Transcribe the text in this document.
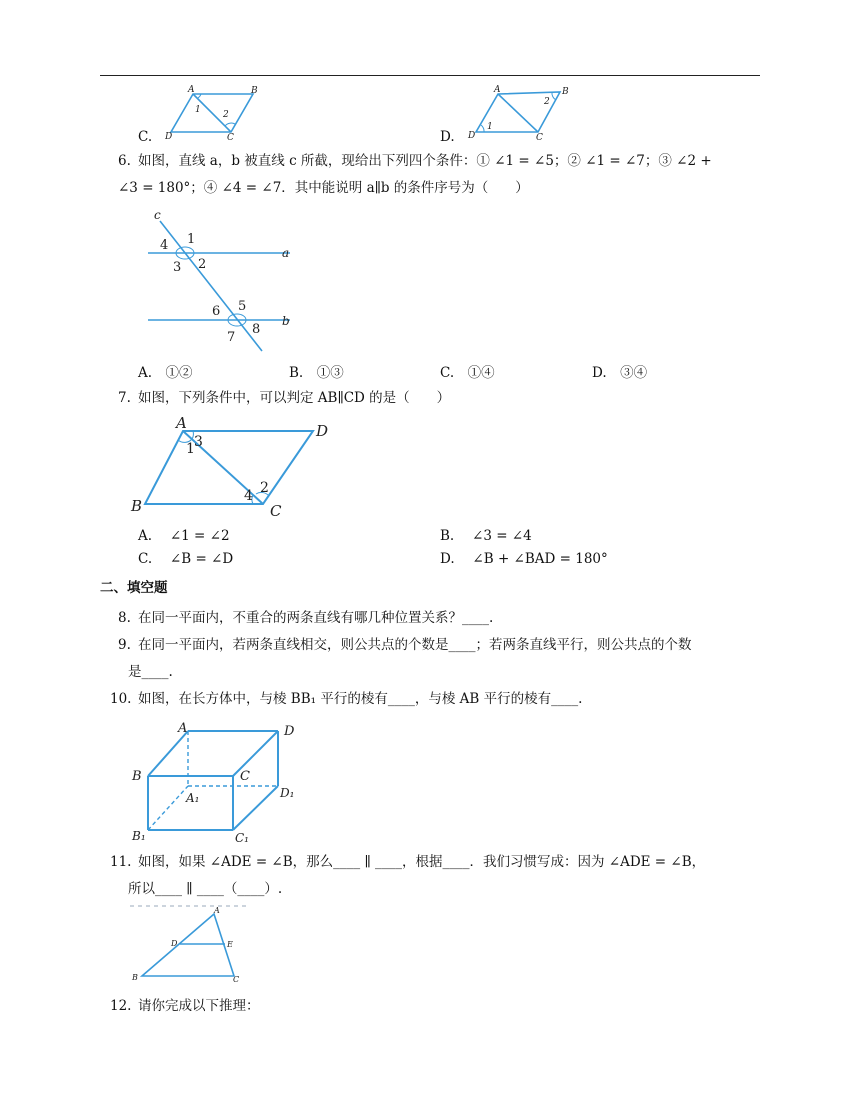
C.
A	B
D	C
1 2
D.
A	B
D	C
1
2
6. 如图，直线 a，b 被直线 c 所截，现给出下列四个条件：① ∠1 = ∠5；② ∠1 = ∠7；③ ∠2 +
∠3 = 180°；④ ∠4 = ∠7．其中能说明 a∥b 的条件序号为（　　）
c
4 1
3 2
a
6 5
7
8
b
A.　①②	B.　①③	C.　①④	D.　③④
7. 如图，下列条件中，可以判定 AB∥CD 的是（　　）
A
3
1
D
B
4 2
C
A.　 ∠1 = ∠2	B.　 ∠3 = ∠4
C.　 ∠B = ∠D	D.　 ∠B + ∠BAD = 180°
二、填空题
8. 在同一平面内，不重合的两条直线有哪几种位置关系？____.
9. 在同一平面内，若两条直线相交，则公共点的个数是____；若两条直线平行，则公共点的个数
是____.
10. 如图，在长方体中，与棱 BB₁ 平行的棱有____，与棱 AB 平行的棱有____.
A	D
B	C
A₁	D₁
B₁	C₁
11. 如图，如果 ∠ADE = ∠B，那么____ ∥ ____，根据____．我们习惯写成：因为 ∠ADE = ∠B，
所以____ ∥ ____（____）.
A
D	E
B	C
12. 请你完成以下推理：
